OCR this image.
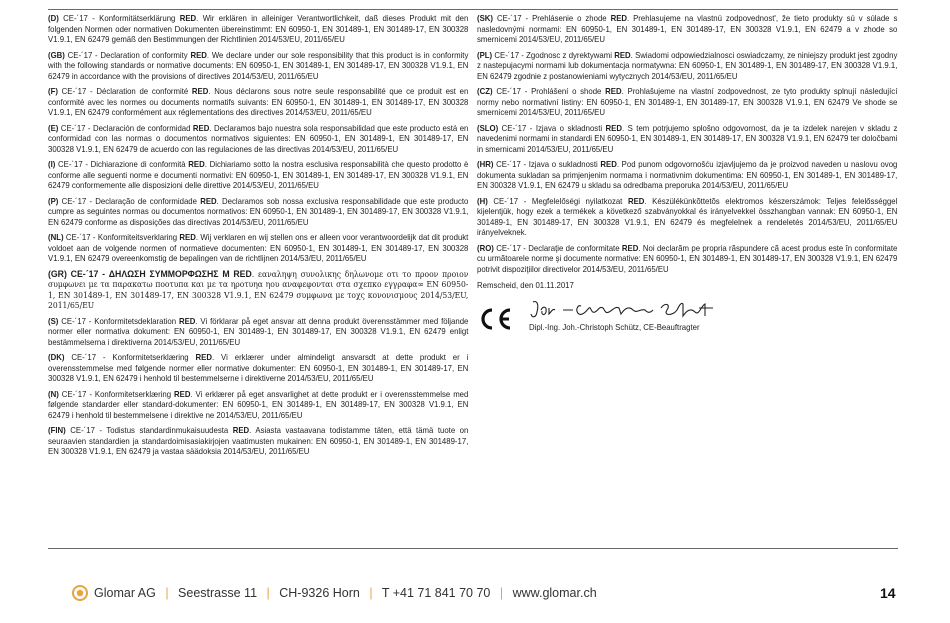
(D) CE-´17 - Konformitätserklärung RED. Wir erklären in alleiniger Verantwortlichkeit, daß dieses Produkt mit den folgenden Normen oder normativen Dokumenten übereinstimmt: EN 60950-1, EN 301489-1, EN 301489-17, EN 300328 V1.9.1, EN 62479 gemäß den Bestimmungen der Richtlinien 2014/53/EU, 2011/65/EU

(GB) CE-´17 - Declaration of conformity RED. We declare under our sole responsibility that this product is in conformity with the following standards or normative documents: EN 60950-1, EN 301489-1, EN 301489-17, EN 300328 V1.9.1, EN 62479 in accordance with the provisions of directives 2014/53/EU, 2011/65/EU

(F) CE-´17 - Déclaration de conformité RED. Nous déclarons sous notre seule responsabilité que ce produit est en conformité avec les normes ou documents normatifs suivants: EN 60950-1, EN 301489-1, EN 301489-17, EN 300328 V1.9.1, EN 62479 conformément aux réglementations des directives 2014/53/EU, 2011/65/EU

(E) CE-´17 - Declaración de conformidad RED. Declaramos bajo nuestra sola responsabilidad que este producto está en conformidad con las normas o documentos normativos siguientes: EN 60950-1, EN 301489-1, EN 301489-17, EN 300328 V1.9.1, EN 62479 de acuerdo con las regulaciones de las directivas 2014/53/EU, 2011/65/EU

(I) CE-´17 - Dichiarazione di conformità RED. Dichiariamo sotto la nostra esclusiva responsabilità che questo prodotto è conforme alle seguenti norme e documenti normativi: EN 60950-1, EN 301489-1, EN 301489-17, EN 300328 V1.9.1, EN 62479 conformemente alle disposizioni delle direttive 2014/53/EU, 2011/65/EU

(P) CE-´17 - Declaração de conformidade RED. Declaramos sob nossa exclusiva responsabilidade que este producto cumpre as seguintes normas ou documentos normativos: EN 60950-1, EN 301489-1, EN 301489-17, EN 300328 V1.9.1, EN 62479 conforme as disposições das directivas 2014/53/EU, 2011/65/EU

(NL) CE-´17 - Konformiteitsverklaring RED. Wij verklaren en wij stellen ons er alleen voor verantwoordelijk dat dit produkt voldoet aan de volgende normen of normatieve documenten: EN 60950-1, EN 301489-1, EN 301489-17, EN 300328 V1.9.1, EN 62479 overeenkomstig de bepalingen van de richtlijnen 2014/53/EU, 2011/65/EU

(GR) CE-´17 - ΔΗΛΩΣΗ ΣΥΜΜΟΡΦΩΣΗΣ Μ RED. εαναληψη συνολικης δηλωνομε οτι το προον προιον συμφωνει με τα παρακατω ποοτυπα και με τα ηροτυηα ηου αναφεφονται στα σχεπκο εγγραφα∞ EN 60950-1, EN 301489-1, EN 301489-17, EN 300328 V1.9.1, EN 62479 συμφωνα με τοχς κονονισμους 2014/53/EU, 2011/65/EU

(S) CE-´17 - Konformitetsdeklaration RED. Vi förklarar på eget ansvar att denna produkt överensstämmer med följande normer eller normativa dokument: EN 60950-1, EN 301489-1, EN 301489-17, EN 300328 V1.9.1, EN 62479 enligt bestämmelserna i direktiverna 2014/53/EU, 2011/65/EU

(DK) CE-´17 - Konformitetserklæring RED. Vi erklærer under almindeligt ansvarsdt at dette produkt er i overensstemmelse med følgende normer eller normative dokumenter: EN 60950-1, EN 301489-1, EN 301489-17, EN 300328 V1.9.1, EN 62479 i henhold til bestemmelserne i direktiverne 2014/53/EU, 2011/65/EU

(N) CE-´17 - Konformitetserklæring RED. Vi erklærer på eget ansvarlighet at dette produkt er i overensstemmelse med følgende standarder eller standard-dokumenter: EN 60950-1, EN 301489-1, EN 301489-17, EN 300328 V1.9.1, EN 62479 i henhold til bestemmelsene i direktive ne 2014/53/EU, 2011/65/EU

(FIN) CE-´17 - Todistus standardinmukaisuudesta RED. Asiasta vastaavana todistamme täten, että tämä tuote on seuraavien standardien ja standardoimisasiakirjojen vaatimusten mukainen: EN 60950-1, EN 301489-1, EN 301489-17, EN 300328 V1.9.1, EN 62479 ja vastaa säädoksia 2014/53/EU, 2011/65/EU

(SK) CE-´17 - Prehlásenie o zhode RED. Prehlasujeme na vlastnú zodpovednost', že tieto produkty sú v súlade s nasledovnými normami: EN 60950-1, EN 301489-1, EN 301489-17, EN 300328 V1.9.1, EN 62479 a v zhode so smernicemi 2014/53/EU, 2011/65/EU

(PL) CE-´17 - Zgodnosc z dyrektywami RED. Swiadomi odpowiedzialnosci oswiadczamy, ze niniejszy produkt jest zgodny z nastepujacymi normami lub dokumentacja normatywna: EN 60950-1, EN 301489-1, EN 301489-17, EN 300328 V1.9.1, EN 62479 zgodnie z postanowieniami wytycznych 2014/53/EU, 2011/65/EU

(CZ) CE-´17 - Prohlášení o shode RED. Prohlašujeme na vlastní zodpovednost, ze tyto produkty splnují následující normy nebo normativní listiny: EN 60950-1, EN 301489-1, EN 301489-17, EN 300328 V1.9.1, EN 62479 Ve shode se smernicemi 2014/53/EU, 2011/65/EU

(SLO) CE-´17 - Izjava o skladnosti RED. S tem potrjujemo splošno odgovornost, da je ta izdelek narejen v skladu z navedenimi normami in standardi EN 60950-1, EN 301489-1, EN 301489-17, EN 300328 V1.9.1, EN 62479 ter določbami in smernicami 2014/53/EU, 2011/65/EU

(HR) CE-´17 - Izjava o sukladnosti RED. Pod punom odgovornošću izjavljujemo da je proizvod naveden u naslovu ovog dokumenta sukladan sa primjenjenim normama i normativnim dokumentima: EN 60950-1, EN 301489-1, EN 301489-17, EN 300328 V1.9.1, EN 62479 u skladu sa odredbama preporuka 2014/53/EU, 2011/65/EU

(H) CE-´17 - Megfelelőségi nyilatkozat RED. Készülékünkõttetõs elektromos készerszámok: Teljes felelősséggel kijelentjük, hogy ezek a termékek a következő szabványokkal és irányelvekkel összhangban vannak: EN 60950-1, EN 301489-1, EN 301489-17, EN 300328 V1.9.1, EN 62479 és megfelelnek a rendeletés 2014/53/EU, 2011/65/EU irányelveknek.

(RO) CE-´17 - Declaraţie de conformitate RED. Noi declarãm pe propria rãspundere cã acest produs este în conformitate cu urmãtoarele norme şi documente normative: EN 60950-1, EN 301489-1, EN 301489-17, EN 300328 V1.9.1, EN 62479 potrivit dispoziţiilor directivelor 2014/53/EU, 2011/65/EU

Remscheid, den 01.11.2017
Dipl.-Ing. Joh.-Christoph Schütz, CE-Beauftragter
Glomar AG | Seestrasse 11 | CH-9326 Horn | T +41 71 841 70 70 | www.glomar.ch	14
